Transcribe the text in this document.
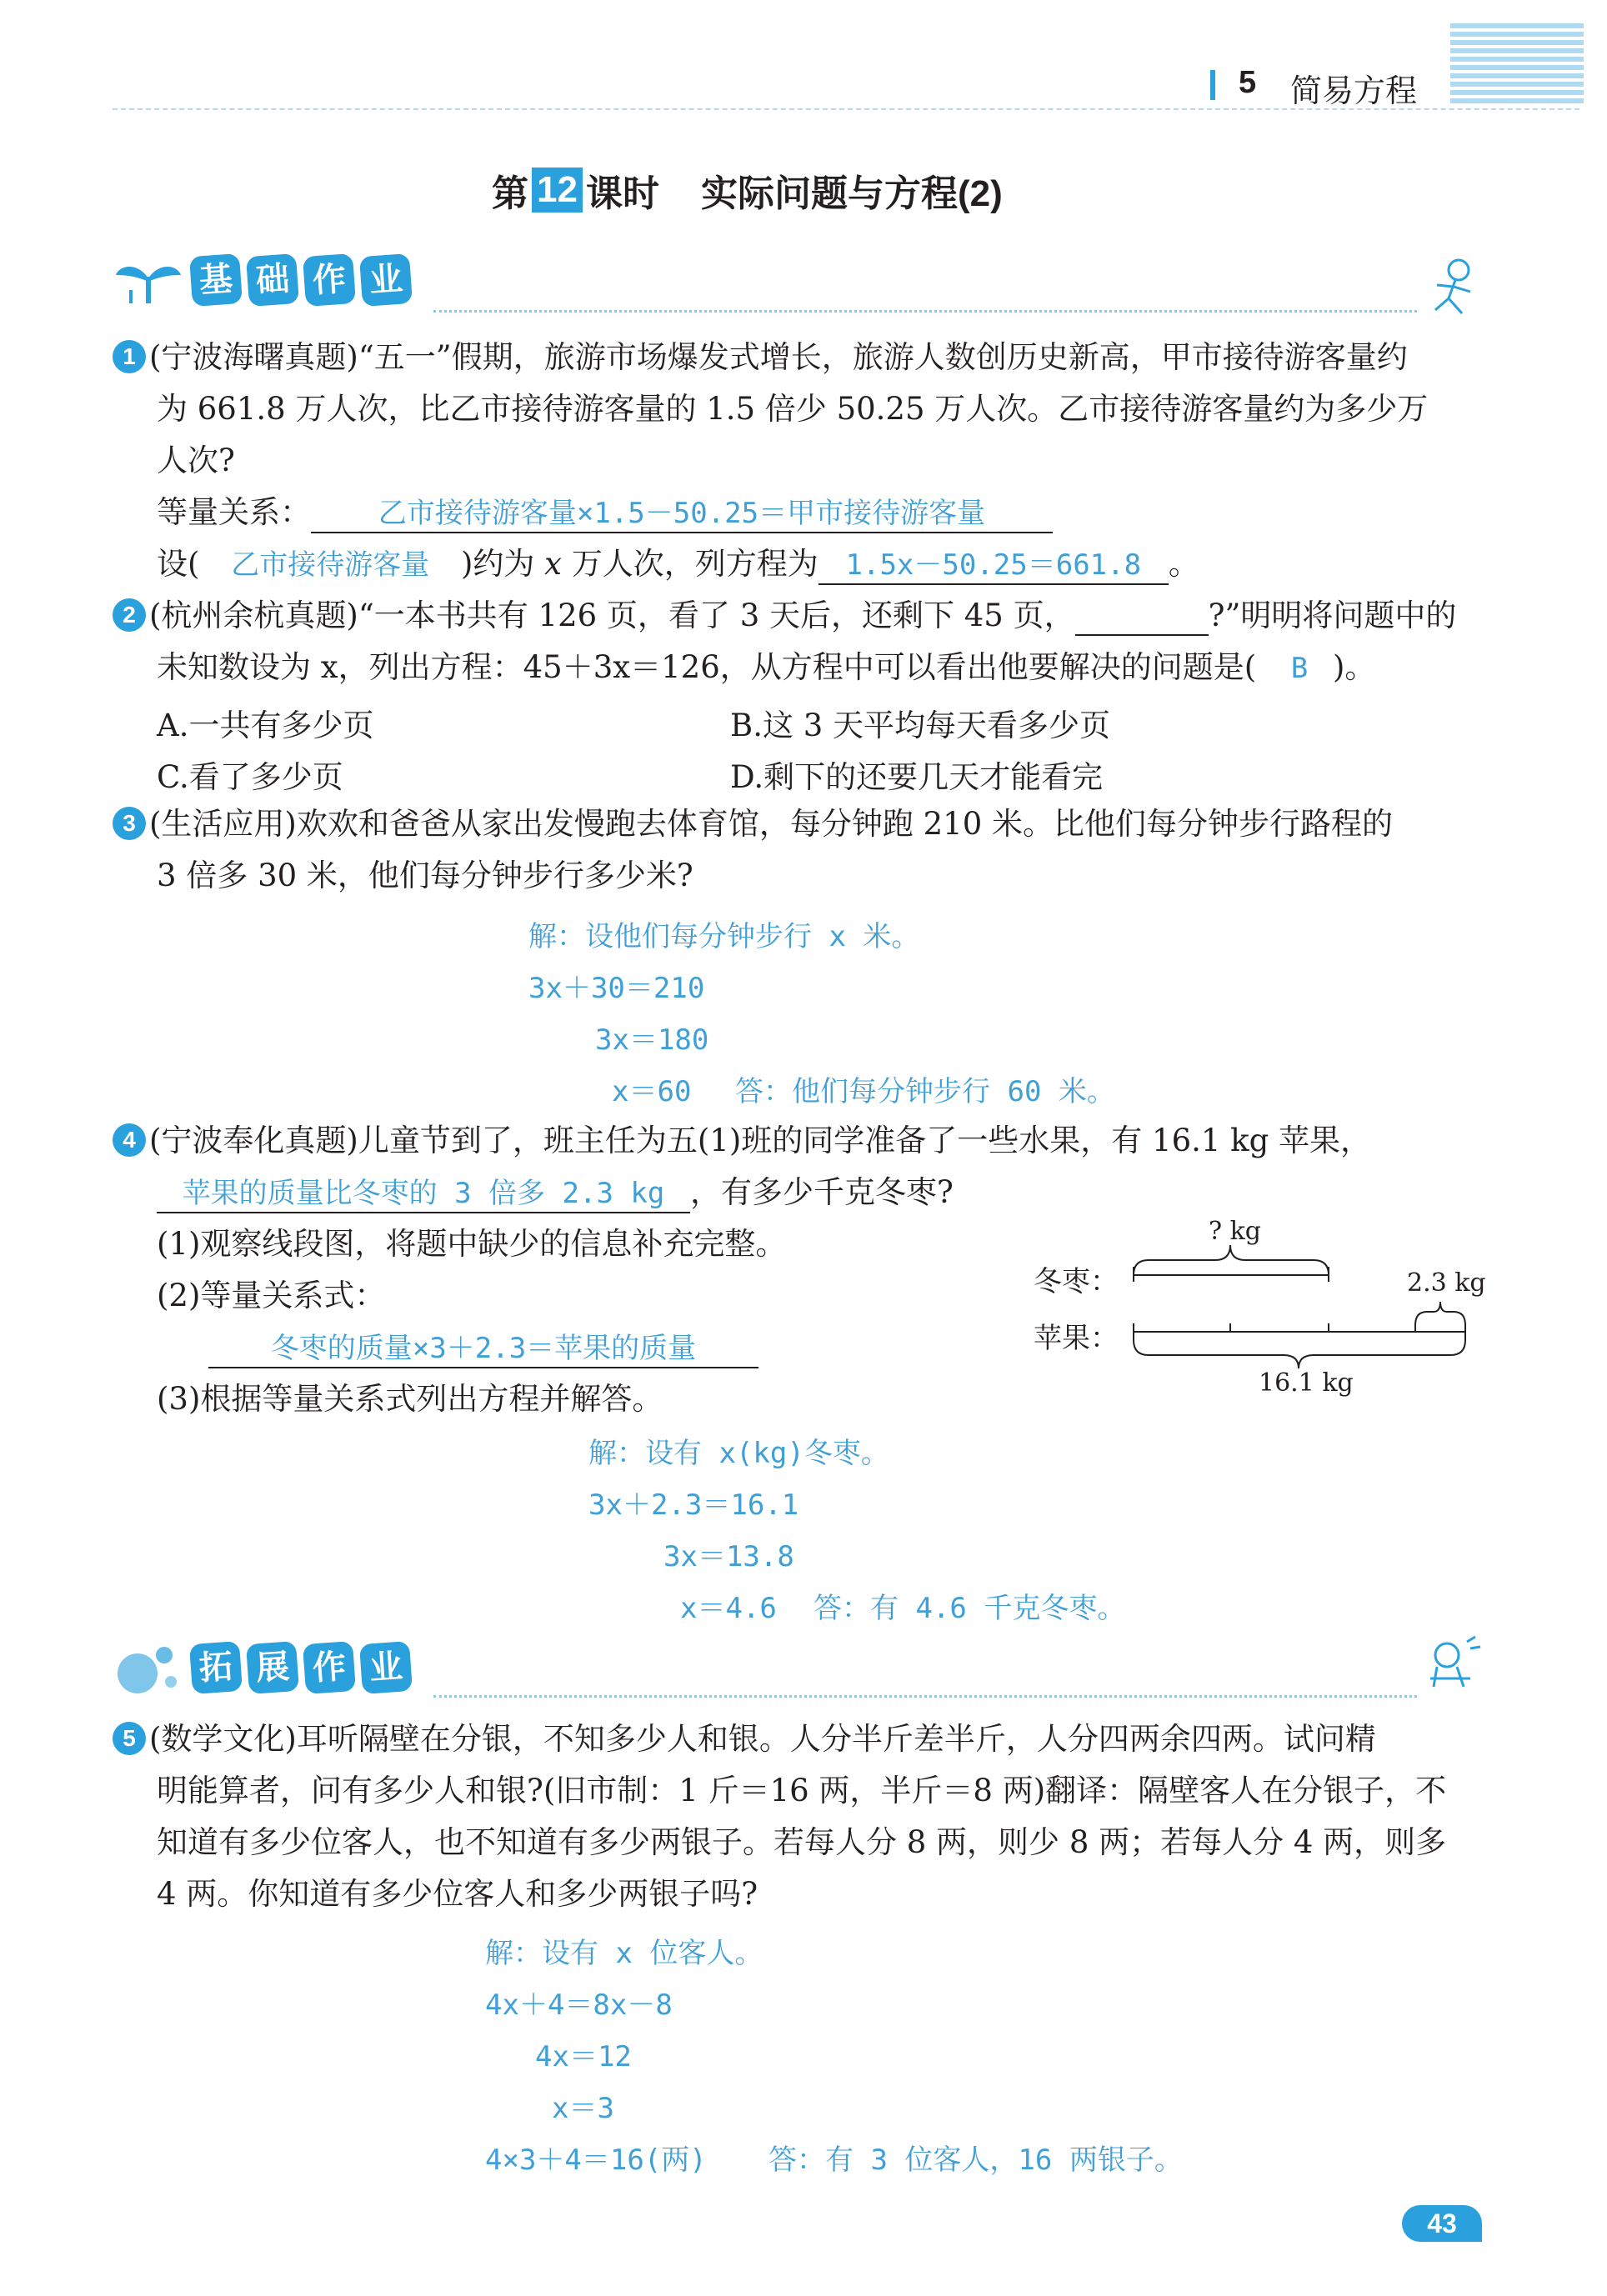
5 简易方程
第 12 课时 实际问题与方程(2)
基 础 作 业
1 (宁波海曙真题)“五一”假期，旅游市场爆发式增长，旅游人数创历史新高，甲市接待游客量约
为 661.8 万人次，比乙市接待游客量的 1.5 倍少 50.25 万人次。乙市接待游客量约为多少万
人次?
等量关系： 乙市接待游客量×1.5－50.25＝甲市接待游客量
设( 乙市接待游客量 )约为 x 万人次，列方程为 1.5x－50.25＝661.8 。
2 (杭州余杭真题)“一本书共有 126 页，看了 3 天后，还剩下 45 页，	?”明明将问题中的
未知数设为 x，列出方程：45＋3x＝126，从方程中可以看出他要解决的问题是( B )。
A.一共有多少页	B.这 3 天平均每天看多少页
C.看了多少页	D.剩下的还要几天才能看完
3 (生活应用)欢欢和爸爸从家出发慢跑去体育馆，每分钟跑 210 米。比他们每分钟步行路程的
3 倍多 30 米，他们每分钟步行多少米?
解：设他们每分钟步行 x 米。
3x＋30＝210
3x＝180
x＝60 答：他们每分钟步行 60 米。
4 (宁波奉化真题)儿童节到了，班主任为五(1)班的同学准备了一些水果，有 16.1 kg 苹果，
苹果的质量比冬枣的 3 倍多 2.3 kg ，有多少千克冬枣?
(1)观察线段图，将题中缺少的信息补充完整。
(2)等量关系式：
冬枣的质量×3＋2.3＝苹果的质量
(3)根据等量关系式列出方程并解答。
冬枣：
苹果：
? kg
2.3 kg
16.1 kg
解：设有 x(kg)冬枣。
3x＋2.3＝16.1
3x＝13.8
x＝4.6 答：有 4.6 千克冬枣。
拓 展 作 业
5 (数学文化)耳听隔壁在分银，不知多少人和银。人分半斤差半斤，人分四两余四两。试问精
明能算者，问有多少人和银?(旧市制：1 斤＝16 两，半斤＝8 两)翻译：隔壁客人在分银子，不
知道有多少位客人，也不知道有多少两银子。若每人分 8 两，则少 8 两；若每人分 4 两，则多
4 两。你知道有多少位客人和多少两银子吗?
解：设有 x 位客人。
4x＋4＝8x－8
4x＝12
x＝3
4×3＋4＝16(两) 答：有 3 位客人，16 两银子。
43
